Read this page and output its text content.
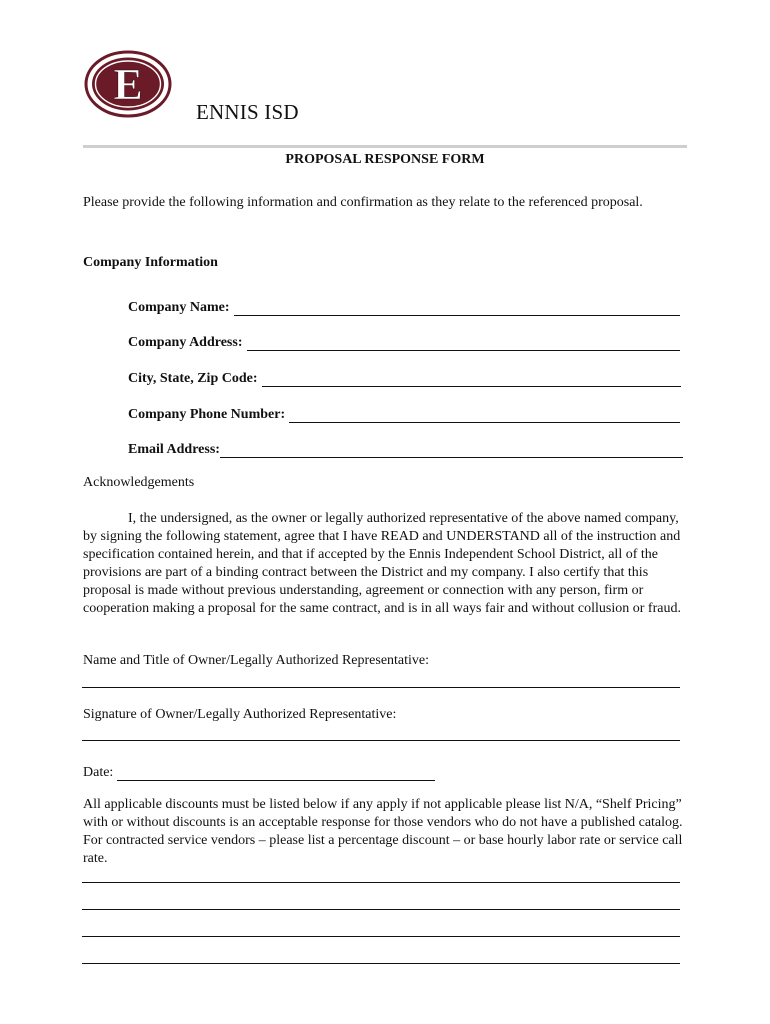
E
ENNIS ISD
PROPOSAL RESPONSE FORM
Please provide the following information and confirmation as they relate to the referenced proposal.
Company Information
Company Name:
Company Address:
City, State, Zip Code:
Company Phone Number:
Email Address:
Acknowledgements
I, the undersigned, as the owner or legally authorized representative of the above named company, by signing the following statement, agree that I have READ and UNDERSTAND all of the instruction and specification contained herein, and that if accepted by the Ennis Independent School District, all of the provisions are part of a binding contract between the District and my company. I also certify that this proposal is made without previous understanding, agreement or connection with any person, firm or cooperation making a proposal for the same contract, and is in all ways fair and without collusion or fraud.
Name and Title of Owner/Legally Authorized Representative:
Signature of Owner/Legally Authorized Representative:
Date:
All applicable discounts must be listed below if any apply if not applicable please list N/A, “Shelf Pricing” with or without discounts is an acceptable response for those vendors who do not have a published catalog. For contracted service vendors – please list a percentage discount – or base hourly labor rate or service call rate.
